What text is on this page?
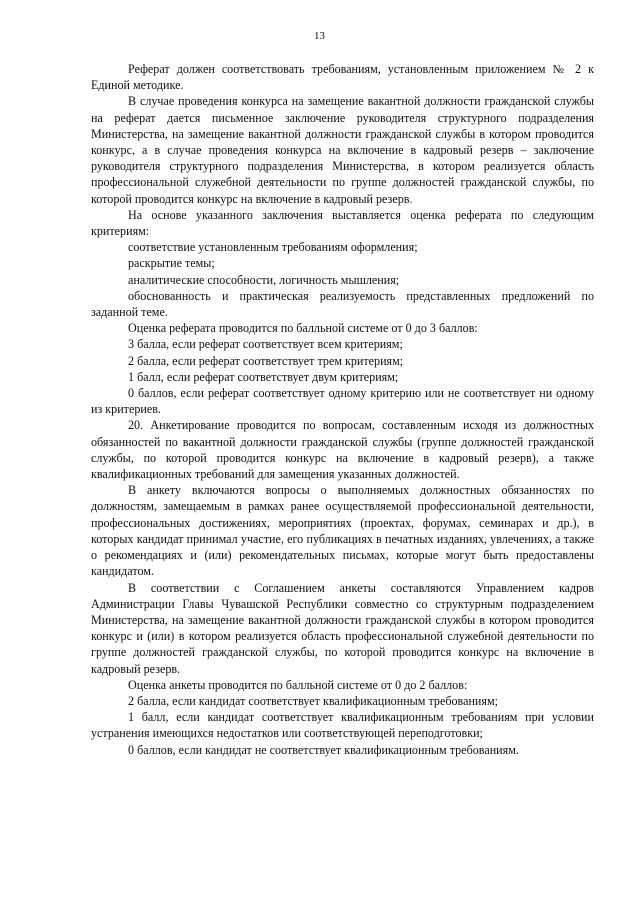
13

Реферат должен соответствовать требованиям, установленным приложением № 2 к Единой методике.

В случае проведения конкурса на замещение вакантной должности гражданской службы на реферат дается письменное заключение руководителя структурного подразделения Министерства, на замещение вакантной должности гражданской службы в котором проводится конкурс, а в случае проведения конкурса на включение в кадровый резерв – заключение руководителя структурного подразделения Министерства, в котором реализуется область профессиональной служебной деятельности по группе должностей гражданской службы, по которой проводится конкурс на включение в кадровый резерв.

На основе указанного заключения выставляется оценка реферата по следующим критериям:

соответствие установленным требованиям оформления;

раскрытие темы;

аналитические способности, логичность мышления;

обоснованность и практическая реализуемость представленных предложений по заданной теме.

Оценка реферата проводится по балльной системе от 0 до 3 баллов:

3 балла, если реферат соответствует всем критериям;

2 балла, если реферат соответствует трем критериям;

1 балл, если реферат соответствует двум критериям;

0 баллов, если реферат соответствует одному критерию или не соответствует ни одному из критериев.

20. Анкетирование проводится по вопросам, составленным исходя из должностных обязанностей по вакантной должности гражданской службы (группе должностей гражданской службы, по которой проводится конкурс на включение в кадровый резерв), а также квалификационных требований для замещения указанных должностей.

В анкету включаются вопросы о выполняемых должностных обязанностях по должностям, замещаемым в рамках ранее осуществляемой профессиональной деятельности, профессиональных достижениях, мероприятиях (проектах, форумах, семинарах и др.), в которых кандидат принимал участие, его публикациях в печатных изданиях, увлечениях, а также о рекомендациях и (или) рекомендательных письмах, которые могут быть предоставлены кандидатом.

В соответствии с Соглашением анкеты составляются Управлением кадров Администрации Главы Чувашской Республики совместно со структурным подразделением Министерства, на замещение вакантной должности гражданской службы в котором проводится конкурс и (или) в котором реализуется область профессиональной служебной деятельности по группе должностей гражданской службы, по которой проводится конкурс на включение в кадровый резерв.

Оценка анкеты проводится по балльной системе от 0 до 2 баллов:

2 балла, если кандидат соответствует квалификационным требованиям;

1 балл, если кандидат соответствует квалификационным требованиям при условии устранения имеющихся недостатков или соответствующей переподготовки;

0 баллов, если кандидат не соответствует квалификационным требованиям.
